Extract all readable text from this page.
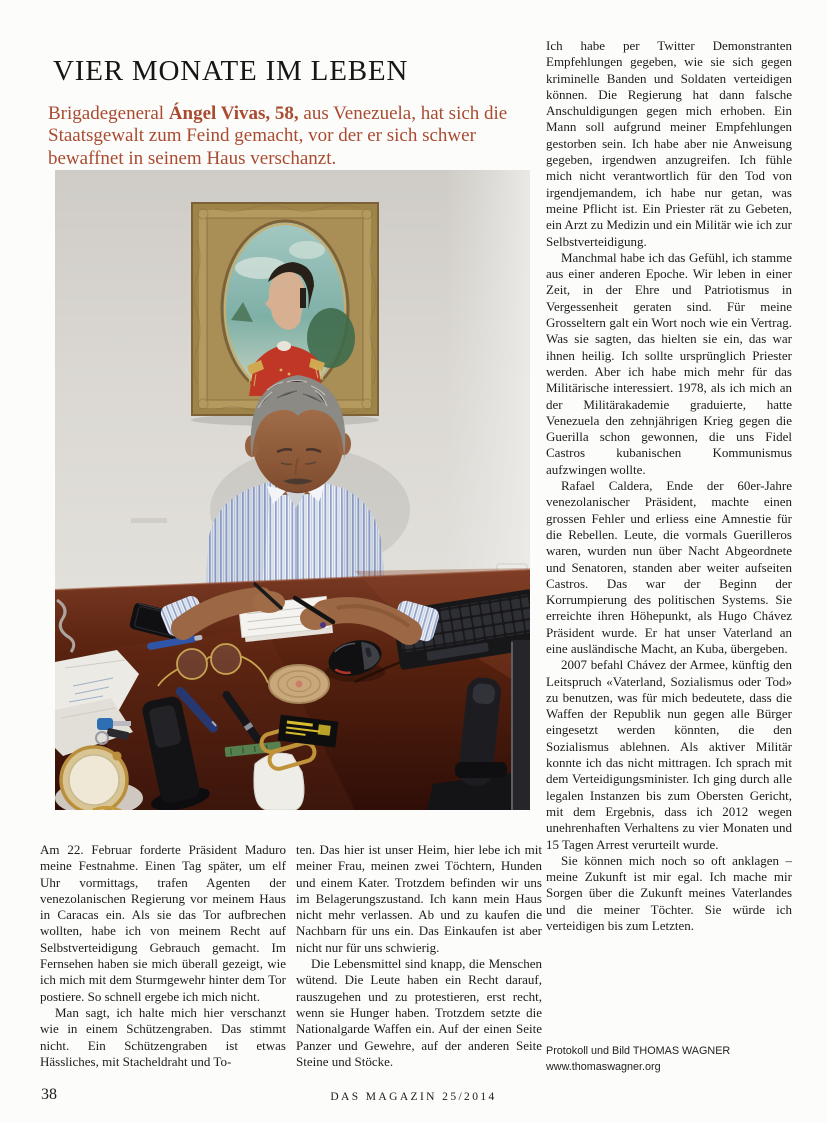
VIER MONATE IM LEBEN

Brigadegeneral Ángel Vivas, 58, aus Venezuela, hat sich die Staatsgewalt zum Feind gemacht, vor der er sich schwer bewaffnet in seinem Haus verschanzt.

Am 22. Februar forderte Präsident Maduro meine Festnahme. Einen Tag später, um elf Uhr vormittags, trafen Agenten der venezolanischen Regierung vor meinem Haus in Caracas ein. Als sie das Tor aufbrechen wollten, habe ich von meinem Recht auf Selbstverteidigung Gebrauch gemacht. Im Fernsehen haben sie mich überall gezeigt, wie ich mich mit dem Sturmgewehr hinter dem Tor postiere. So schnell ergebe ich mich nicht.

Man sagt, ich halte mich hier verschanzt wie in einem Schützengraben. Das stimmt nicht. Ein Schützengraben ist etwas Hässliches, mit Stacheldraht und To-

ten. Das hier ist unser Heim, hier lebe ich mit meiner Frau, meinen zwei Töchtern, Hunden und einem Kater. Trotzdem befinden wir uns im Belagerungszustand. Ich kann mein Haus nicht mehr verlassen. Ab und zu kaufen die Nachbarn für uns ein. Das Einkaufen ist aber nicht nur für uns schwierig.

Die Lebensmittel sind knapp, die Menschen wütend. Die Leute haben ein Recht darauf, rauszugehen und zu protestieren, erst recht, wenn sie Hunger haben. Trotzdem setzte die Nationalgarde Waffen ein. Auf der einen Seite Panzer und Gewehre, auf der anderen Seite Steine und Stöcke.

Ich habe per Twitter Demonstranten Empfehlungen gegeben, wie sie sich gegen kriminelle Banden und Soldaten verteidigen können. Die Regierung hat dann falsche Anschuldigungen gegen mich erhoben. Ein Mann soll aufgrund meiner Empfehlungen gestorben sein. Ich habe aber nie Anweisung gegeben, irgendwen anzugreifen. Ich fühle mich nicht verantwortlich für den Tod von irgendjemandem, ich habe nur getan, was meine Pflicht ist. Ein Priester rät zu Gebeten, ein Arzt zu Medizin und ein Militär wie ich zur Selbstverteidigung.

Manchmal habe ich das Gefühl, ich stamme aus einer anderen Epoche. Wir leben in einer Zeit, in der Ehre und Patriotismus in Vergessenheit geraten sind. Für meine Grosseltern galt ein Wort noch wie ein Vertrag. Was sie sagten, das hielten sie ein, das war ihnen heilig. Ich sollte ursprünglich Priester werden. Aber ich habe mich mehr für das Militärische interessiert. 1978, als ich mich an der Militärakademie graduierte, hatte Venezuela den zehnjährigen Krieg gegen die Guerilla schon gewonnen, die uns Fidel Castros kubanischen Kommunismus aufzwingen wollte.

Rafael Caldera, Ende der 60er-Jahre venezolanischer Präsident, machte einen grossen Fehler und erliess eine Amnestie für die Rebellen. Leute, die vormals Guerilleros waren, wurden nun über Nacht Abgeordnete und Senatoren, standen aber weiter aufseiten Castros. Das war der Beginn der Korrumpierung des politischen Systems. Sie erreichte ihren Höhepunkt, als Hugo Chávez Präsident wurde. Er hat unser Vaterland an eine ausländische Macht, an Kuba, übergeben.

2007 befahl Chávez der Armee, künftig den Leitspruch «Vaterland, Sozialismus oder Tod» zu benutzen, was für mich bedeutete, dass die Waffen der Republik nun gegen alle Bürger eingesetzt werden könnten, die den Sozialismus ablehnen. Als aktiver Militär konnte ich das nicht mittragen. Ich sprach mit dem Verteidigungsminister. Ich ging durch alle legalen Instanzen bis zum Obersten Gericht, mit dem Ergebnis, dass ich 2012 wegen unehrenhaften Verhaltens zu vier Monaten und 15 Tagen Arrest verurteilt wurde.

Sie können mich noch so oft anklagen – meine Zukunft ist mir egal. Ich mache mir Sorgen über die Zukunft meines Vaterlandes und die meiner Töchter. Sie würde ich verteidigen bis zum Letzten.

Protokoll und Bild THOMAS WAGNER
www.thomaswagner.org
38	DAS MAGAZIN 25/2014
